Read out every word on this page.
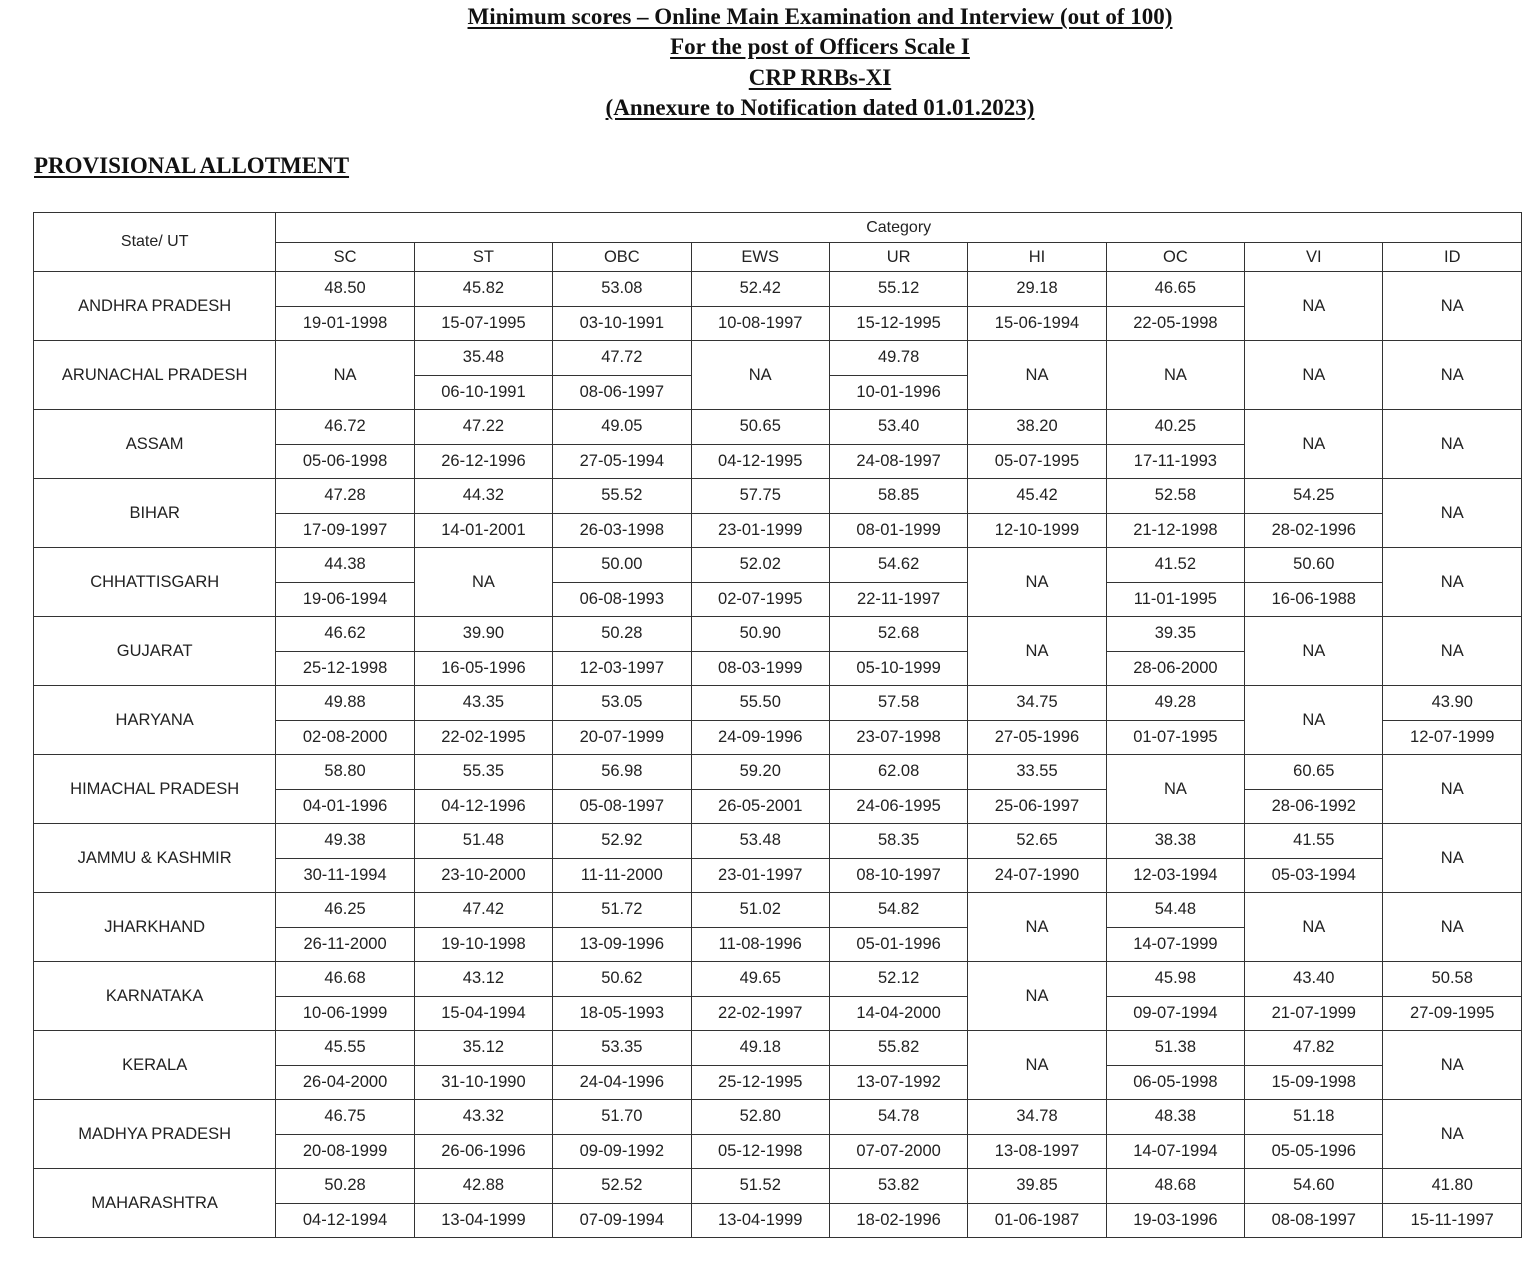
Minimum scores – Online Main Examination and Interview (out of 100)
For the post of Officers Scale I
CRP RRBs-XI
(Annexure to Notification dated 01.01.2023)
PROVISIONAL ALLOTMENT
State/ UT	Category								
	SC	ST	OBC	EWS	UR	HI	OC	VI	ID
ANDHRA PRADESH	48.50	45.82	53.08	52.42	55.12	29.18	46.65	NA	NA
	19-01-1998	15-07-1995	03-10-1991	10-08-1997	15-12-1995	15-06-1994	22-05-1998		
ARUNACHAL PRADESH	NA	35.48	47.72	NA	49.78	NA	NA	NA	NA
		06-10-1991	08-06-1997		10-01-1996				
ASSAM	46.72	47.22	49.05	50.65	53.40	38.20	40.25	NA	NA
	05-06-1998	26-12-1996	27-05-1994	04-12-1995	24-08-1997	05-07-1995	17-11-1993		
BIHAR	47.28	44.32	55.52	57.75	58.85	45.42	52.58	54.25	NA
	17-09-1997	14-01-2001	26-03-1998	23-01-1999	08-01-1999	12-10-1999	21-12-1998	28-02-1996	
CHHATTISGARH	44.38	NA	50.00	52.02	54.62	NA	41.52	50.60	NA
	19-06-1994		06-08-1993	02-07-1995	22-11-1997		11-01-1995	16-06-1988	
GUJARAT	46.62	39.90	50.28	50.90	52.68	NA	39.35	NA	NA
	25-12-1998	16-05-1996	12-03-1997	08-03-1999	05-10-1999		28-06-2000		
HARYANA	49.88	43.35	53.05	55.50	57.58	34.75	49.28	NA	43.90
	02-08-2000	22-02-1995	20-07-1999	24-09-1996	23-07-1998	27-05-1996	01-07-1995		12-07-1999
HIMACHAL PRADESH	58.80	55.35	56.98	59.20	62.08	33.55	NA	60.65	NA
	04-01-1996	04-12-1996	05-08-1997	26-05-2001	24-06-1995	25-06-1997		28-06-1992	
JAMMU & KASHMIR	49.38	51.48	52.92	53.48	58.35	52.65	38.38	41.55	NA
	30-11-1994	23-10-2000	11-11-2000	23-01-1997	08-10-1997	24-07-1990	12-03-1994	05-03-1994	
JHARKHAND	46.25	47.42	51.72	51.02	54.82	NA	54.48	NA	NA
	26-11-2000	19-10-1998	13-09-1996	11-08-1996	05-01-1996		14-07-1999		
KARNATAKA	46.68	43.12	50.62	49.65	52.12	NA	45.98	43.40	50.58
	10-06-1999	15-04-1994	18-05-1993	22-02-1997	14-04-2000		09-07-1994	21-07-1999	27-09-1995
KERALA	45.55	35.12	53.35	49.18	55.82	NA	51.38	47.82	NA
	26-04-2000	31-10-1990	24-04-1996	25-12-1995	13-07-1992		06-05-1998	15-09-1998	
MADHYA PRADESH	46.75	43.32	51.70	52.80	54.78	34.78	48.38	51.18	NA
	20-08-1999	26-06-1996	09-09-1992	05-12-1998	07-07-2000	13-08-1997	14-07-1994	05-05-1996	
MAHARASHTRA	50.28	42.88	52.52	51.52	53.82	39.85	48.68	54.60	41.80
	04-12-1994	13-04-1999	07-09-1994	13-04-1999	18-02-1996	01-06-1987	19-03-1996	08-08-1997	15-11-1997
